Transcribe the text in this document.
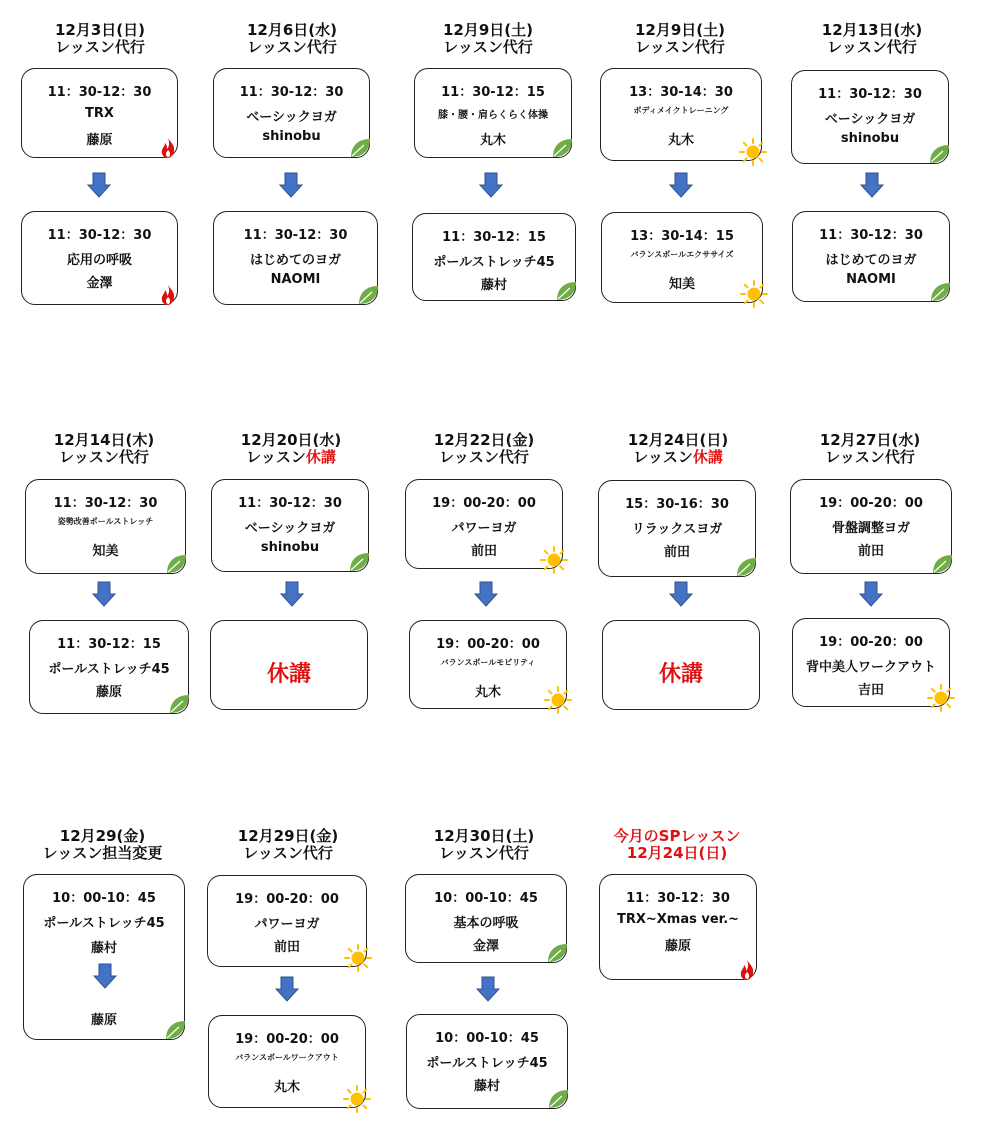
12月3日(日)
レッスン代行
11：30-12：30
TRX
藤原
11：30-12：30
応用の呼吸
金澤
12月6日(水)
レッスン代行
11：30-12：30
ベーシックヨガ
shinobu
11：30-12：30
はじめてのヨガ
NAOMI
12月9日(土)
レッスン代行
11：30-12：15
膝・腰・肩らくらく体操
丸木
11：30-12：15
ポールストレッチ45
藤村
12月9日(土)
レッスン代行
13：30-14：30
ボディメイクトレーニング
丸木
13：30-14：15
バランスボールエクササイズ
知美
12月13日(水)
レッスン代行
11：30-12：30
ベーシックヨガ
shinobu
11：30-12：30
はじめてのヨガ
NAOMI
12月14日(木)
レッスン代行
11：30-12：30
姿勢改善ポールストレッチ
知美
11：30-12：15
ポールストレッチ45
藤原
12月20日(水)
レッスン休講
11：30-12：30
ベーシックヨガ
shinobu
休講
12月22日(金)
レッスン代行
19：00-20：00
パワーヨガ
前田
19：00-20：00
バランスボールモビリティ
丸木
12月24日(日)
レッスン休講
15：30-16：30
リラックスヨガ
前田
休講
12月27日(水)
レッスン代行
19：00-20：00
骨盤調整ヨガ
前田
19：00-20：00
背中美人ワークアウト
吉田
12月29(金)
レッスン担当変更
10：00-10：45
ポールストレッチ45
藤村
藤原
12月29日(金)
レッスン代行
19：00-20：00
パワーヨガ
前田
19：00-20：00
バランスボールワークアウト
丸木
12月30日(土)
レッスン代行
10：00-10：45
基本の呼吸
金澤
10：00-10：45
ポールストレッチ45
藤村
今月のSPレッスン
12月24日(日)
11：30-12：30
TRX~Xmas ver.~
藤原
